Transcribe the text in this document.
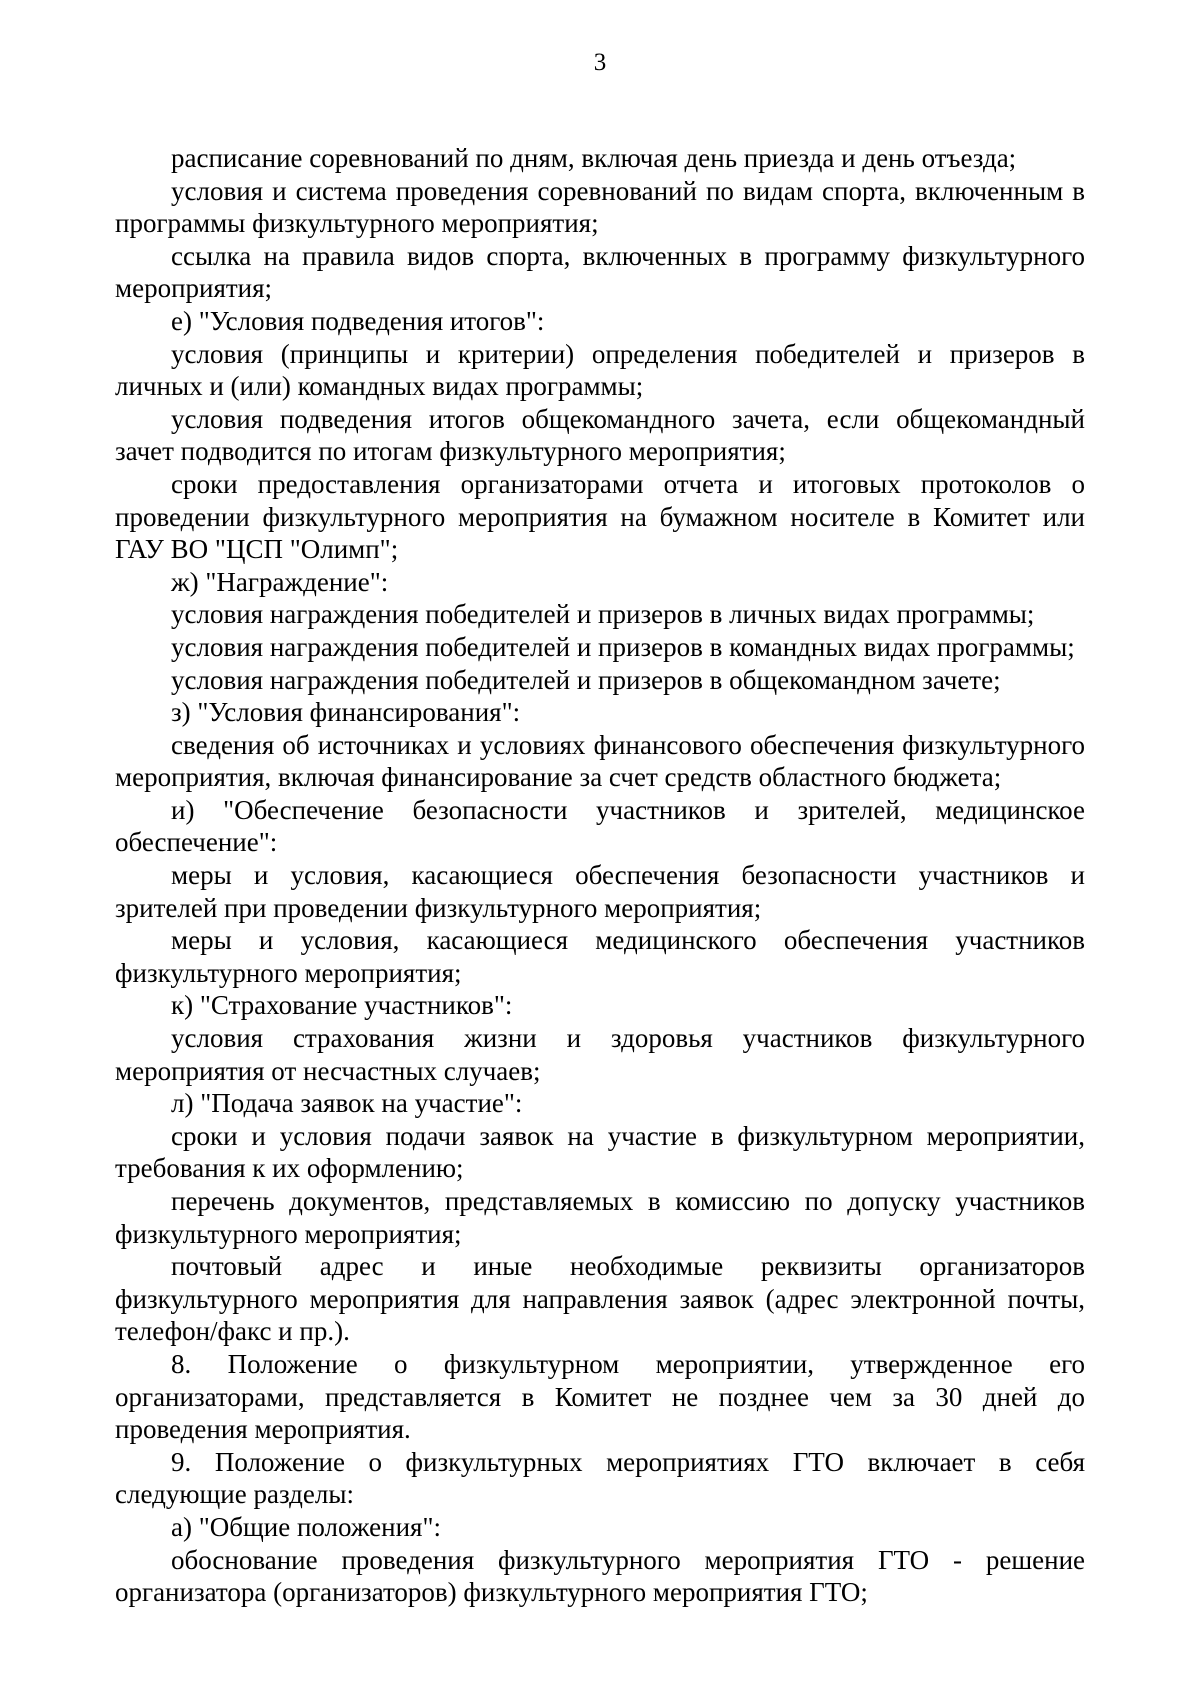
3

расписание соревнований по дням, включая день приезда и день отъезда;

условия и система проведения соревнований по видам спорта, включенным в программы физкультурного мероприятия;

ссылка на правила видов спорта, включенных в программу физкультурного мероприятия;

е) "Условия подведения итогов":

условия (принципы и критерии) определения победителей и призеров в личных и (или) командных видах программы;

условия подведения итогов общекомандного зачета, если общекомандный зачет подводится по итогам физкультурного мероприятия;

сроки предоставления организаторами отчета и итоговых протоколов о проведении физкультурного мероприятия на бумажном носителе в Комитет или ГАУ ВО "ЦСП "Олимп";

ж) "Награждение":

условия награждения победителей и призеров в личных видах программы;

условия награждения победителей и призеров в командных видах программы;

условия награждения победителей и призеров в общекомандном зачете;

з) "Условия финансирования":

сведения об источниках и условиях финансового обеспечения физкультурного мероприятия, включая финансирование за счет средств областного бюджета;

и) "Обеспечение безопасности участников и зрителей, медицинское обеспечение":

меры и условия, касающиеся обеспечения безопасности участников и зрителей при проведении физкультурного мероприятия;

меры и условия, касающиеся медицинского обеспечения участников физкультурного мероприятия;

к) "Страхование участников":

условия страхования жизни и здоровья участников физкультурного мероприятия от несчастных случаев;

л) "Подача заявок на участие":

сроки и условия подачи заявок на участие в физкультурном мероприятии, требования к их оформлению;

перечень документов, представляемых в комиссию по допуску участников физкультурного мероприятия;

почтовый адрес и иные необходимые реквизиты организаторов физкультурного мероприятия для направления заявок (адрес электронной почты, телефон/факс и пр.).

8. Положение о физкультурном мероприятии, утвержденное его организаторами, представляется в Комитет не позднее чем за 30 дней до проведения мероприятия.

9. Положение о физкультурных мероприятиях ГТО включает в себя следующие разделы:

а) "Общие положения":

обоснование проведения физкультурного мероприятия ГТО - решение организатора (организаторов) физкультурного мероприятия ГТО;
